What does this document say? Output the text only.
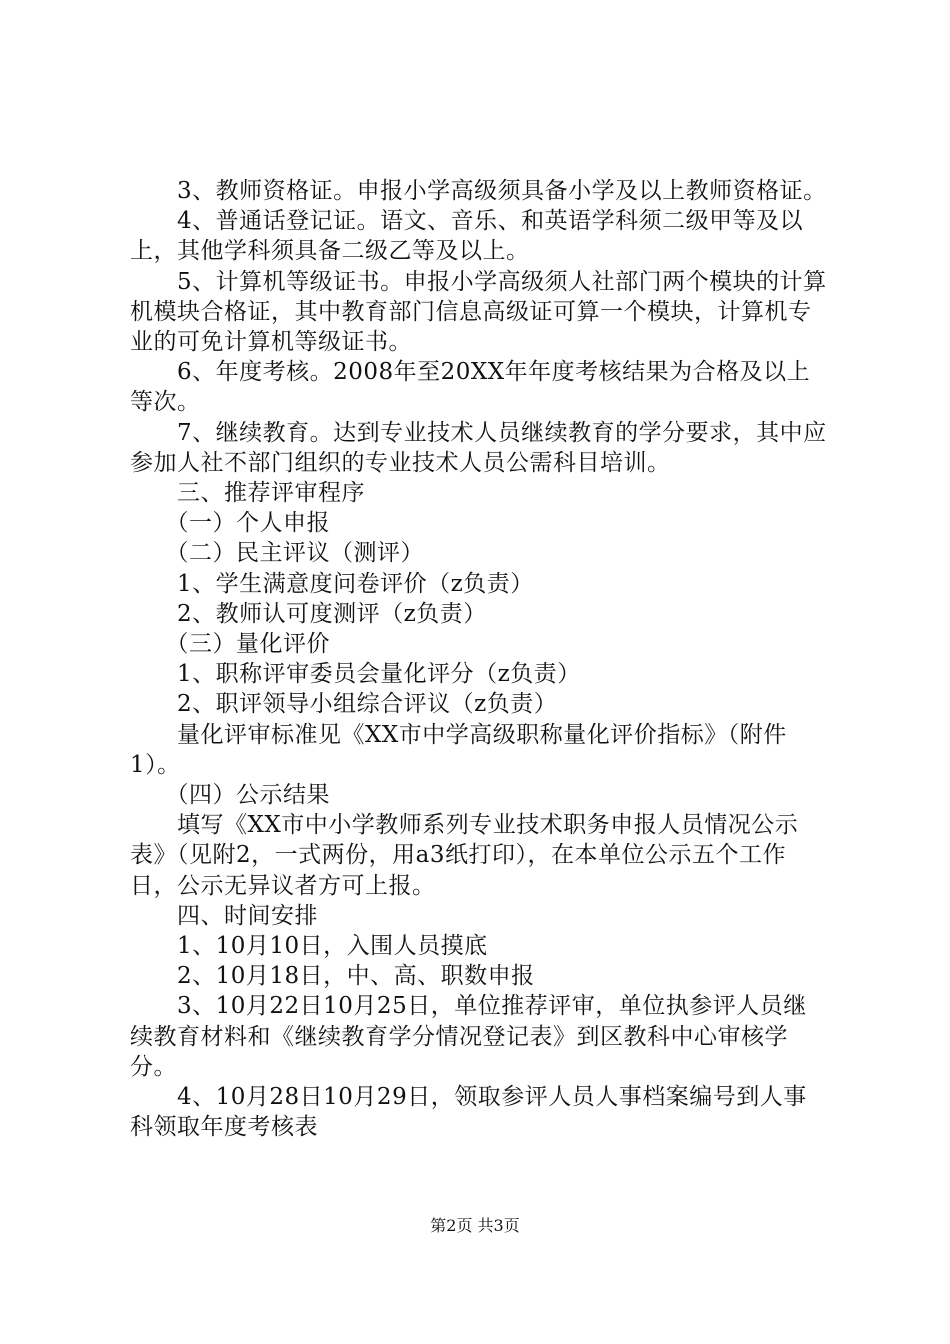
　　3、教师资格证。申报小学高级须具备小学及以上教师资格证。

　　4、普通话登记证。语文、音乐、和英语学科须二级甲等及以上，其他学科须具备二级乙等及以上。

　　5、计算机等级证书。申报小学高级须人社部门两个模块的计算机模块合格证，其中教育部门信息高级证可算一个模块，计算机专业的可免计算机等级证书。

　　6、年度考核。2008年至20XX年年度考核结果为合格及以上等次。

　　7、继续教育。达到专业技术人员继续教育的学分要求，其中应参加人社不部门组织的专业技术人员公需科目培训。

　　三、推荐评审程序

　　（一）个人申报

　　（二）民主评议（测评）

　　1、学生满意度问卷评价（z负责）

　　2、教师认可度测评（z负责）

　　（三）量化评价

　　1、职称评审委员会量化评分（z负责）

　　2、职评领导小组综合评议（z负责）

　　量化评审标准见《XX市中学高级职称量化评价指标》（附件1）。

　　（四）公示结果

　　填写《XX市中小学教师系列专业技术职务申报人员情况公示表》（见附2，一式两份，用a3纸打印），在本单位公示五个工作日，公示无异议者方可上报。

　　四、时间安排

　　1、10月10日，入围人员摸底

　　2、10月18日，中、高、职数申报

　　3、10月22日10月25日，单位推荐评审，单位执参评人员继续教育材料和《继续教育学分情况登记表》到区教科中心审核学分。

　　4、10月28日10月29日，领取参评人员人事档案编号到人事科领取年度考核表

第2页 共3页
